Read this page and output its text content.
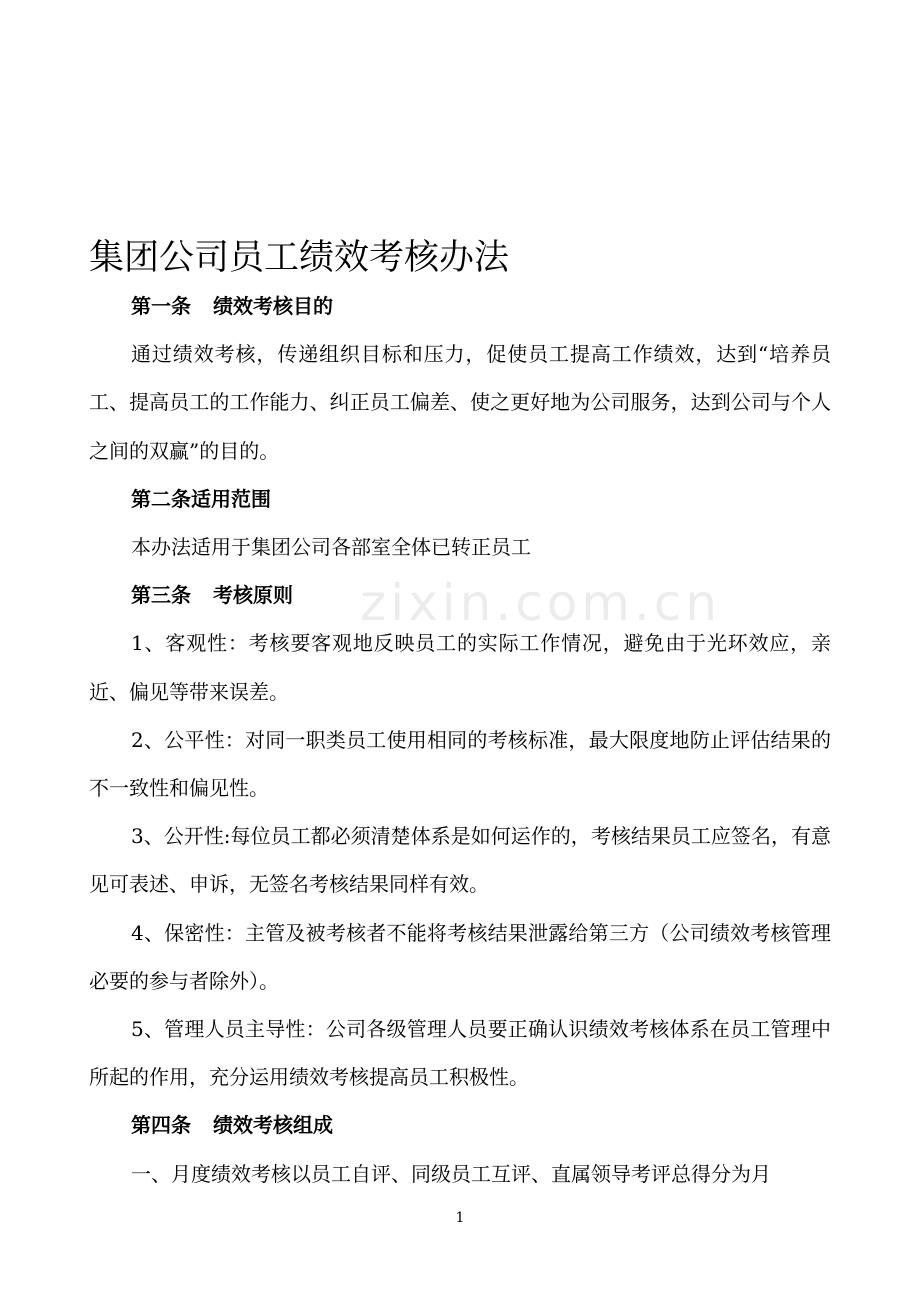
zixin.com.cn
集团公司员工绩效考核办法

第一条 绩效考核目的

通过绩效考核，传递组织目标和压力，促使员工提高工作绩效，达到“培养员工、提高员工的工作能力、纠正员工偏差、使之更好地为公司服务，达到公司与个人之间的双赢”的目的。

第二条适用范围

本办法适用于集团公司各部室全体已转正员工

第三条 考核原则

1、客观性：考核要客观地反映员工的实际工作情况，避免由于光环效应，亲近、偏见等带来误差。

2、公平性：对同一职类员工使用相同的考核标准，最大限度地防止评估结果的不一致性和偏见性。

3、公开性:每位员工都必须清楚体系是如何运作的，考核结果员工应签名，有意见可表述、申诉，无签名考核结果同样有效。

4、保密性：主管及被考核者不能将考核结果泄露给第三方（公司绩效考核管理必要的参与者除外）。

5、管理人员主导性：公司各级管理人员要正确认识绩效考核体系在员工管理中所起的作用，充分运用绩效考核提高员工积极性。

第四条 绩效考核组成

一、月度绩效考核以员工自评、同级员工互评、直属领导考评总得分为月

1
